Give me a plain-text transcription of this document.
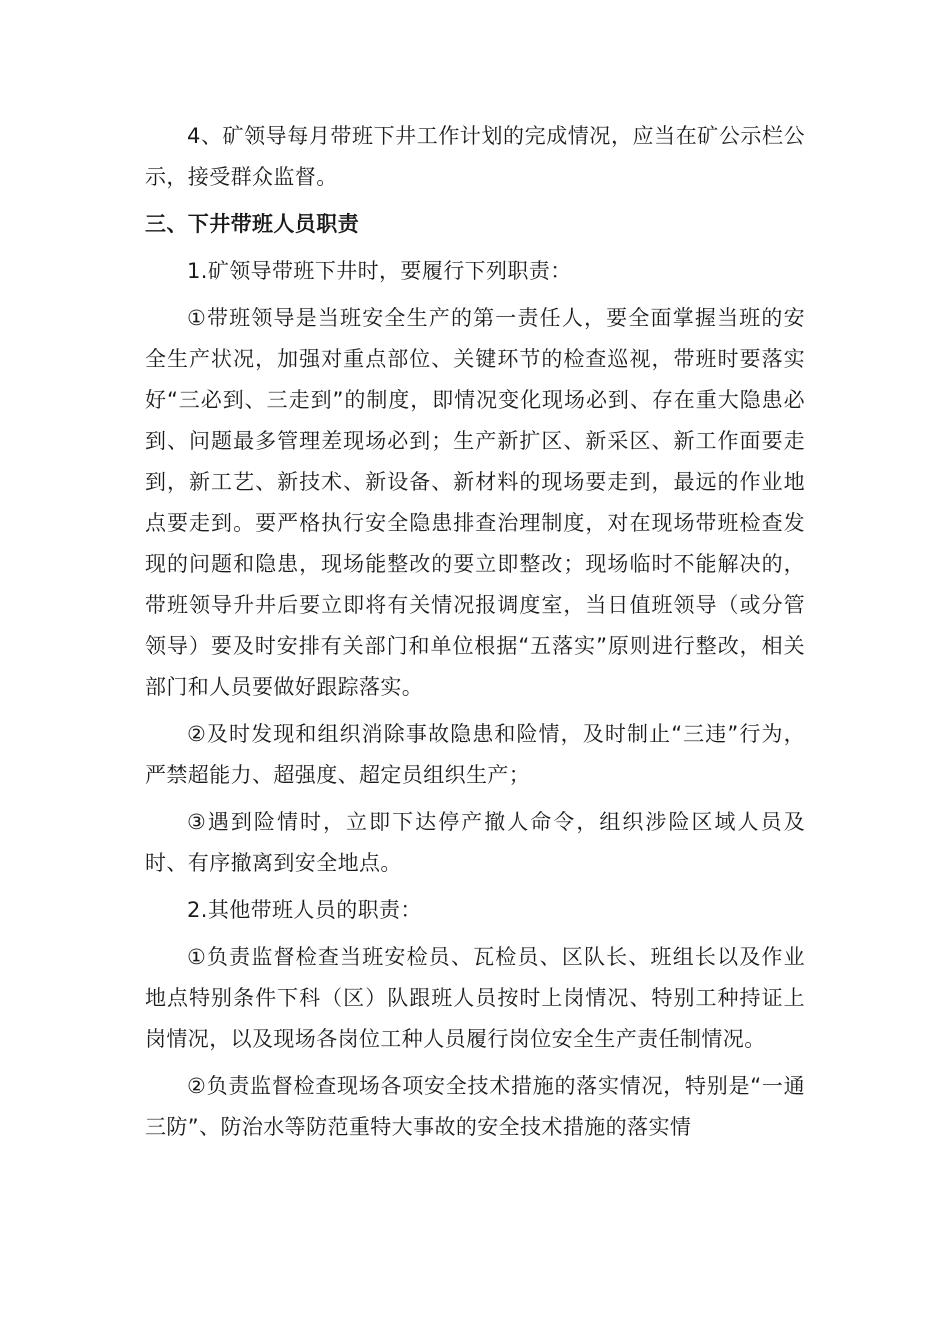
4、矿领导每月带班下井工作计划的完成情况，应当在矿公示栏公示，接受群众监督。

三、下井带班人员职责

1.矿领导带班下井时，要履行下列职责：

①带班领导是当班安全生产的第一责任人，要全面掌握当班的安全生产状况，加强对重点部位、关键环节的检查巡视，带班时要落实好“三必到、三走到”的制度，即情况变化现场必到、存在重大隐患必到、问题最多管理差现场必到；生产新扩区、新采区、新工作面要走到，新工艺、新技术、新设备、新材料的现场要走到，最远的作业地点要走到。要严格执行安全隐患排查治理制度，对在现场带班检查发现的问题和隐患，现场能整改的要立即整改；现场临时不能解决的，带班领导升井后要立即将有关情况报调度室，当日值班领导（或分管领导）要及时安排有关部门和单位根据“五落实”原则进行整改，相关部门和人员要做好跟踪落实。

②及时发现和组织消除事故隐患和险情，及时制止“三违”行为，严禁超能力、超强度、超定员组织生产；

③遇到险情时，立即下达停产撤人命令，组织涉险区域人员及时、有序撤离到安全地点。

2.其他带班人员的职责：

①负责监督检查当班安检员、瓦检员、区队长、班组长以及作业地点特别条件下科（区）队跟班人员按时上岗情况、特别工种持证上岗情况，以及现场各岗位工种人员履行岗位安全生产责任制情况。

②负责监督检查现场各项安全技术措施的落实情况，特别是“一通三防”、防治水等防范重特大事故的安全技术措施的落实情
